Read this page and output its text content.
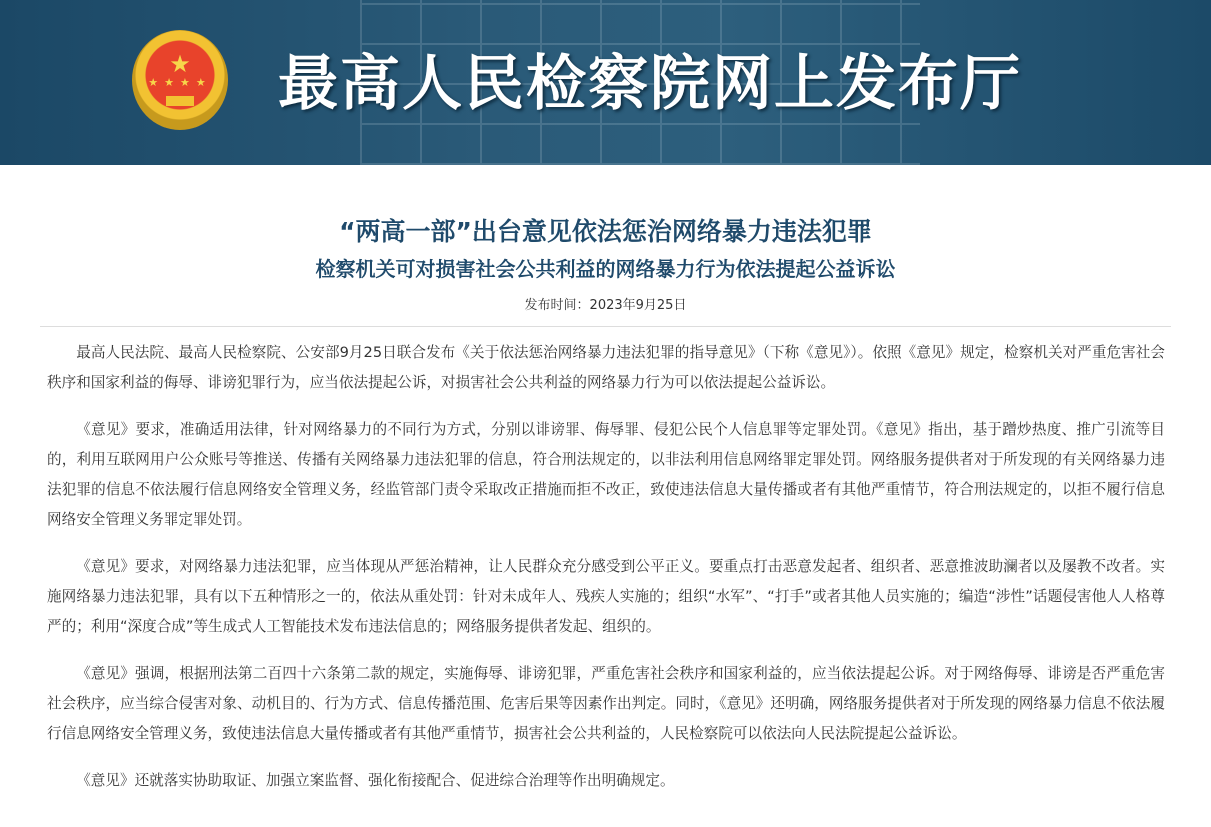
★
★★★★ 最高人民检察院网上发布厅
“两高一部”出台意见依法惩治网络暴力违法犯罪
检察机关可对损害社会公共利益的网络暴力行为依法提起公益诉讼
发布时间：2023年9月25日

最高人民法院、最高人民检察院、公安部9月25日联合发布《关于依法惩治网络暴力违法犯罪的指导意见》（下称《意见》）。依照《意见》规定，检察机关对严重危害社会秩序和国家利益的侮辱、诽谤犯罪行为，应当依法提起公诉，对损害社会公共利益的网络暴力行为可以依法提起公益诉讼。

《意见》要求，准确适用法律，针对网络暴力的不同行为方式，分别以诽谤罪、侮辱罪、侵犯公民个人信息罪等定罪处罚。《意见》指出，基于蹭炒热度、推广引流等目的，利用互联网用户公众账号等推送、传播有关网络暴力违法犯罪的信息，符合刑法规定的，以非法利用信息网络罪定罪处罚。网络服务提供者对于所发现的有关网络暴力违法犯罪的信息不依法履行信息网络安全管理义务，经监管部门责令采取改正措施而拒不改正，致使违法信息大量传播或者有其他严重情节，符合刑法规定的，以拒不履行信息网络安全管理义务罪定罪处罚。

《意见》要求，对网络暴力违法犯罪，应当体现从严惩治精神，让人民群众充分感受到公平正义。要重点打击恶意发起者、组织者、恶意推波助澜者以及屡教不改者。实施网络暴力违法犯罪，具有以下五种情形之一的，依法从重处罚：针对未成年人、残疾人实施的；组织“水军”、“打手”或者其他人员实施的；编造“涉性”话题侵害他人人格尊严的；利用“深度合成”等生成式人工智能技术发布违法信息的；网络服务提供者发起、组织的。

《意见》强调，根据刑法第二百四十六条第二款的规定，实施侮辱、诽谤犯罪，严重危害社会秩序和国家利益的，应当依法提起公诉。对于网络侮辱、诽谤是否严重危害社会秩序，应当综合侵害对象、动机目的、行为方式、信息传播范围、危害后果等因素作出判定。同时，《意见》还明确，网络服务提供者对于所发现的网络暴力信息不依法履行信息网络安全管理义务，致使违法信息大量传播或者有其他严重情节，损害社会公共利益的，人民检察院可以依法向人民法院提起公益诉讼。

《意见》还就落实协助取证、加强立案监督、强化衔接配合、促进综合治理等作出明确规定。
